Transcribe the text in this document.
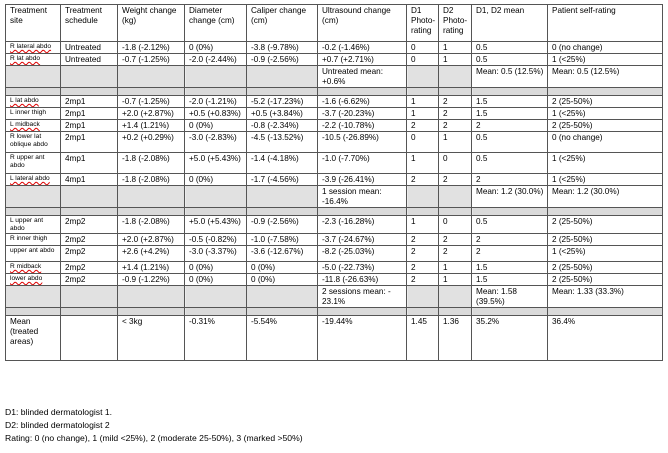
Treatment site	Treatment schedule	Weight change (kg)	Diameter change (cm)	Caliper change (cm)	Ultrasound change (cm)	D1 Photo-rating	D2 Photo-rating	D1, D2 mean	Patient self-rating
R lateral abdo	Untreated	-1.8 (-2.12%)	0 (0%)	-3.8 (-9.78%)	-0.2 (-1.46%)	0	1	0.5	0 (no change)
R lat abdo	Untreated	-0.7 (-1.25%)	-2.0 (-2.44%)	-0.9 (-2.56%)	+0.7 (+2.71%)	0	1	0.5	1 (<25%)
					Untreated mean: +0.6%			Mean: 0.5 (12.5%)	Mean: 0.5 (12.5%)

L lat abdo	2mp1	-0.7 (-1.25%)	-2.0 (-1.21%)	-5.2 (-17.23%)	-1.6 (-6.62%)	1	2	1.5	2 (25-50%)
L inner thigh	2mp1	+2.0 (+2.87%)	+0.5 (+0.83%)	+0.5 (+3.84%)	-3.7 (-20.23%)	1	2	1.5	1 (<25%)
L midback	2mp1	+1.4 (1.21%)	0 (0%)	-0.8 (-2.34%)	-2.2 (-10.78%)	2	2	2	2 (25-50%)
R lower lat oblique abdo	2mp1	+0.2 (+0.29%)	-3.0 (-2.83%)	-4.5 (-13.52%)	-10.5 (-26.89%)	0	1	0.5	0 (no change)
R upper ant abdo	4mp1	-1.8 (-2.08%)	+5.0 (+5.43%)	-1.4 (-4.18%)	-1.0 (-7.70%)	1	0	0.5	1 (<25%)
L lateral abdo	4mp1	-1.8 (-2.08%)	0 (0%)	-1.7 (-4.56%)	-3.9 (-26.41%)	2	2	2	1 (<25%)
					1 session mean: -16.4%			Mean: 1.2 (30.0%)	Mean: 1.2 (30.0%)

L upper ant abdo	2mp2	-1.8 (-2.08%)	+5.0 (+5.43%)	-0.9 (-2.56%)	-2.3 (-16.28%)	1	0	0.5	2 (25-50%)
R inner thigh	2mp2	+2.0 (+2.87%)	-0.5 (-0.82%)	-1.0 (-7.58%)	-3.7 (-24.67%)	2	2	2	2 (25-50%)
upper ant abdo	2mp2	+2.6 (+4.2%)	-3.0 (-3.37%)	-3.6 (-12.67%)	-8.2 (-25.03%)	2	2	2	1 (<25%)
R midback	2mp2	+1.4 (1.21%)	0 (0%)	0 (0%)	-5.0 (-22.73%)	2	1	1.5	2 (25-50%)
lower abdo	2mp2	-0.9 (-1.22%)	0 (0%)	0 (0%)	-11.8 (-26.63%)	2	1	1.5	2 (25-50%)
					2 sessions mean: - 23.1%			Mean: 1.58 (39.5%)	Mean: 1.33 (33.3%)

Mean (treated areas)		< 3kg	-0.31%	-5.54%	-19.44%	1.45	1.36	35.2%	36.4%
D1: blinded dermatologist 1.
D2: blinded dermatologist 2
Rating: 0 (no change), 1 (mild <25%), 2 (moderate 25-50%), 3 (marked >50%)
